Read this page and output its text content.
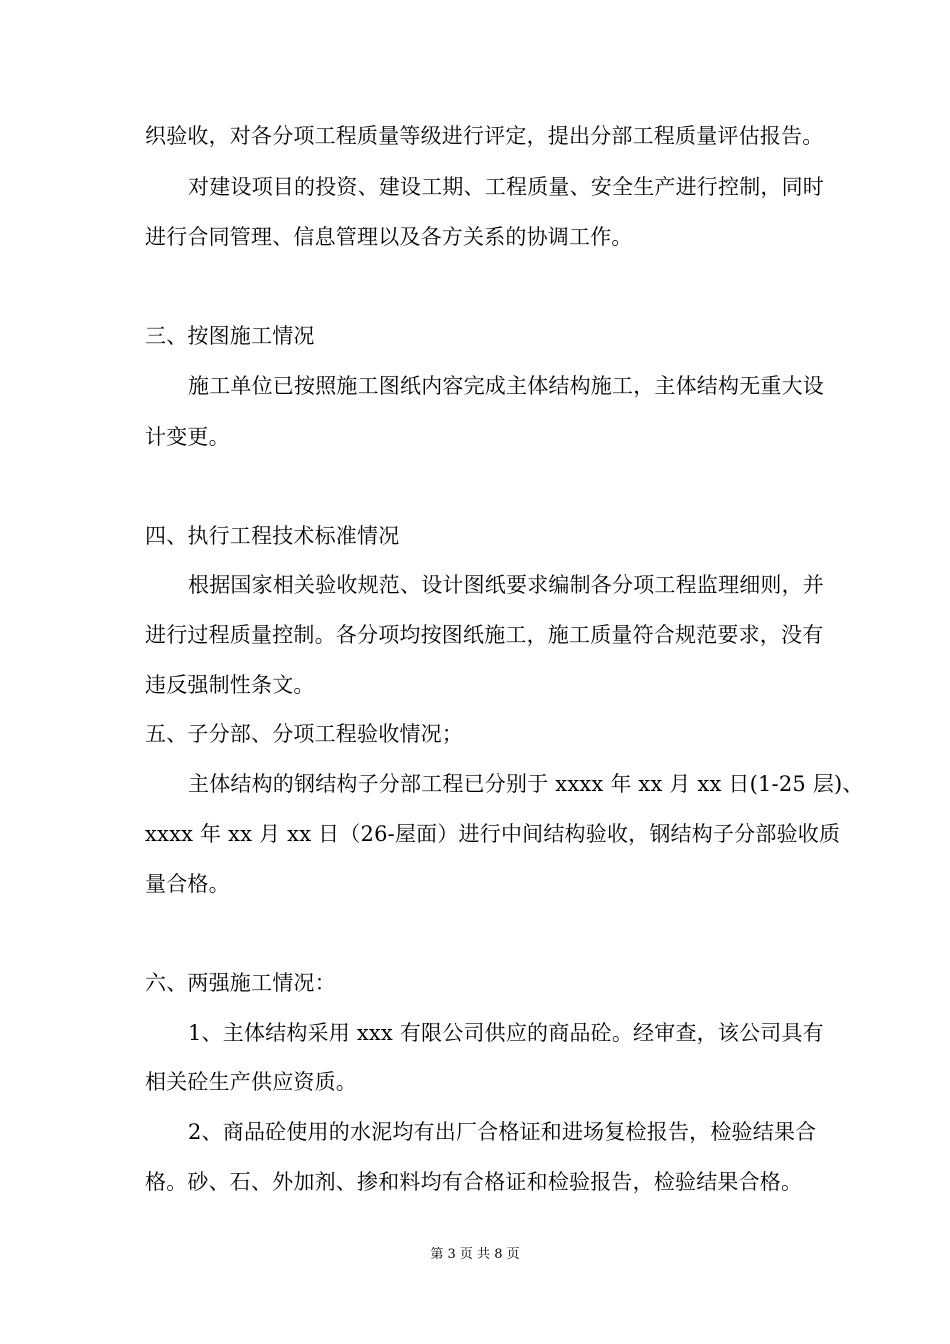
织验收，对各分项工程质量等级进行评定，提出分部工程质量评估报告。
对建设项目的投资、建设工期、工程质量、安全生产进行控制，同时
进行合同管理、信息管理以及各方关系的协调工作。
三、按图施工情况
施工单位已按照施工图纸内容完成主体结构施工，主体结构无重大设
计变更。
四、执行工程技术标准情况
根据国家相关验收规范、设计图纸要求编制各分项工程监理细则，并
进行过程质量控制。各分项均按图纸施工，施工质量符合规范要求，没有
违反强制性条文。
五、子分部、分项工程验收情况；
主体结构的钢结构子分部工程已分别于 xxxx 年 xx 月 xx 日(1-25 层)、
xxxx 年 xx 月 xx 日（26-屋面）进行中间结构验收，钢结构子分部验收质
量合格。
六、两强施工情况：
1、主体结构采用 xxx 有限公司供应的商品砼。经审查，该公司具有
相关砼生产供应资质。
2、商品砼使用的水泥均有出厂合格证和进场复检报告，检验结果合
格。砂、石、外加剂、掺和料均有合格证和检验报告，检验结果合格。
第 3 页 共 8 页
